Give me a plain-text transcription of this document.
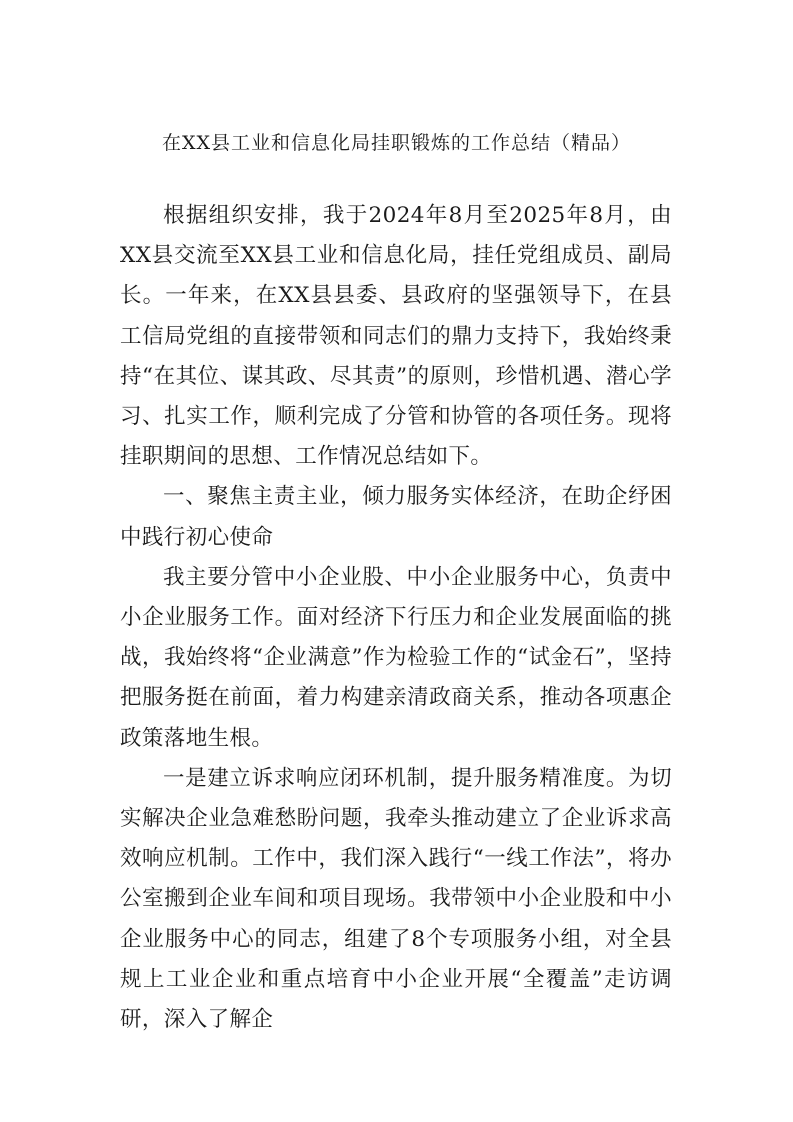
在XX县工业和信息化局挂职锻炼的工作总结（精品）

根据组织安排，我于2024年8月至2025年8月，由XX县交流至XX县工业和信息化局，挂任党组成员、副局长。一年来，在XX县县委、县政府的坚强领导下，在县工信局党组的直接带领和同志们的鼎力支持下，我始终秉持“在其位、谋其政、尽其责”的原则，珍惜机遇、潜心学习、扎实工作，顺利完成了分管和协管的各项任务。现将挂职期间的思想、工作情况总结如下。

一、聚焦主责主业，倾力服务实体经济，在助企纾困中践行初心使命

我主要分管中小企业股、中小企业服务中心，负责中小企业服务工作。面对经济下行压力和企业发展面临的挑战，我始终将“企业满意”作为检验工作的“试金石”，坚持把服务挺在前面，着力构建亲清政商关系，推动各项惠企政策落地生根。

一是建立诉求响应闭环机制，提升服务精准度。为切实解决企业急难愁盼问题，我牵头推动建立了企业诉求高效响应机制。工作中，我们深入践行“一线工作法”，将办公室搬到企业车间和项目现场。我带领中小企业股和中小企业服务中心的同志，组建了8个专项服务小组，对全县规上工业企业和重点培育中小企业开展“全覆盖”走访调研，深入了解企
